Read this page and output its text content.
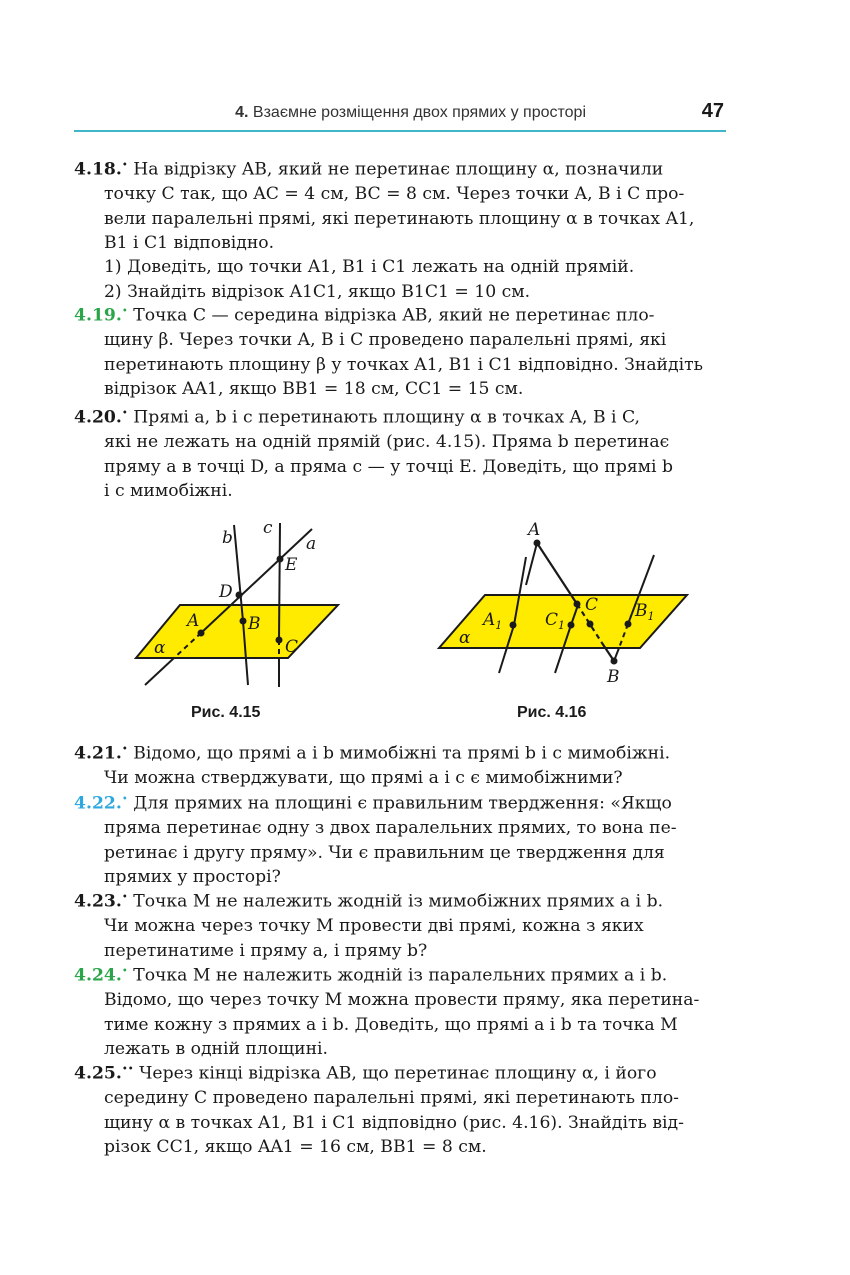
4. Взаємне розміщення двох прямих у просторі	47
4.18.• На відрізку AB, який не перетинає площину α, позначили
точку C так, що AC = 4 см, BC = 8 см. Через точки A, B і C про-
вели паралельні прямі, які перетинають площину α в точках A1,
B1 і C1 відповідно.
1) Доведіть, що точки A1, B1 і C1 лежать на одній прямій.
2) Знайдіть відрізок A1C1, якщо B1C1 = 10 см.
4.19.• Точка C — середина відрізка AB, який не перетинає пло-
щину β. Через точки A, B і C проведено паралельні прямі, які
перетинають площину β у точках A1, B1 і C1 відповідно. Знайдіть
відрізок AA1, якщо BB1 = 18 см, CC1 = 15 см.
4.20.• Прямі a, b і c перетинають площину α в точках A, B і C,
які не лежать на одній прямій (рис. 4.15). Пряма b перетинає
пряму a в точці D, а пряма c — у точці E. Доведіть, що прямі b
і c мимобіжні.
b c
a
E
D
A	B
C
α
Рис. 4.15
A
C
B
$A_1$	$C_1$
$B_1$
α
Рис. 4.16
4.21.• Відомо, що прямі a і b мимобіжні та прямі b і c мимобіжні.
Чи можна стверджувати, що прямі a і c є мимобіжними?
4.22.• Для прямих на площині є правильним твердження: «Якщо
пряма перетинає одну з двох паралельних прямих, то вона пе-
ретинає і другу пряму». Чи є правильним це твердження для
прямих у просторі?
4.23.• Точка M не належить жодній із мимобіжних прямих a і b.
Чи можна через точку M провести дві прямі, кожна з яких
перетинатиме і пряму a, і пряму b?
4.24.• Точка M не належить жодній із паралельних прямих a і b.
Відомо, що через точку M можна провести пряму, яка перетина-
тиме кожну з прямих a і b. Доведіть, що прямі a і b та точка M
лежать в одній площині.
4.25.•• Через кінці відрізка AB, що перетинає площину α, і його
середину C проведено паралельні прямі, які перетинають пло-
щину α в точках A1, B1 і C1 відповідно (рис. 4.16). Знайдіть від-
різок CC1, якщо AA1 = 16 см, BB1 = 8 см.
